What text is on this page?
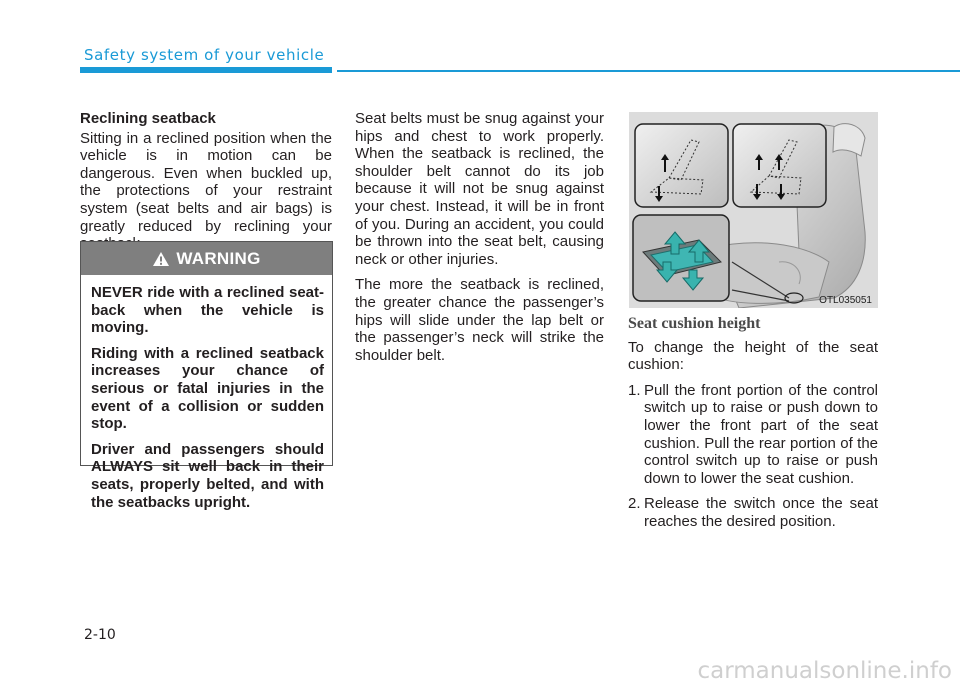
Safety system of your vehicle

Reclining seatback

Sitting in a reclined position when the vehicle is in motion can be dangerous. Even when buckled up, the protections of your restraint system (seat belts and air bags) is greatly reduced by reclining your

WARNING

NEVER ride with a reclined seat-back when the vehicle is moving.

Riding with a reclined seatback increases your chance of serious or fatal injuries in the event of a collision or sudden stop.

Driver and passengers should ALWAYS sit well back in their seats, properly belted, and with the seatbacks upright.

Seat belts must be snug against your hips and chest to work properly. When the seatback is reclined, the shoulder belt cannot do its job because it will not be snug against your chest. Instead, it will be in front of you. During an accident, you could be thrown into the seat belt, causing neck or other injuries.

The more the seatback is reclined, the greater chance the passenger’s hips will slide under the lap belt or the passenger’s neck will strike the shoulder belt.

OTL035051

Seat cushion height

To change the height of the seat cushion:

1. Pull the front portion of the control switch up to raise or push down to lower the front part of the seat cushion. Pull the rear portion of the control switch up to raise or push down to lower the seat cushion.
2. Release the switch once the seat reaches the desired position.
2-10
carmanualsonline.info
